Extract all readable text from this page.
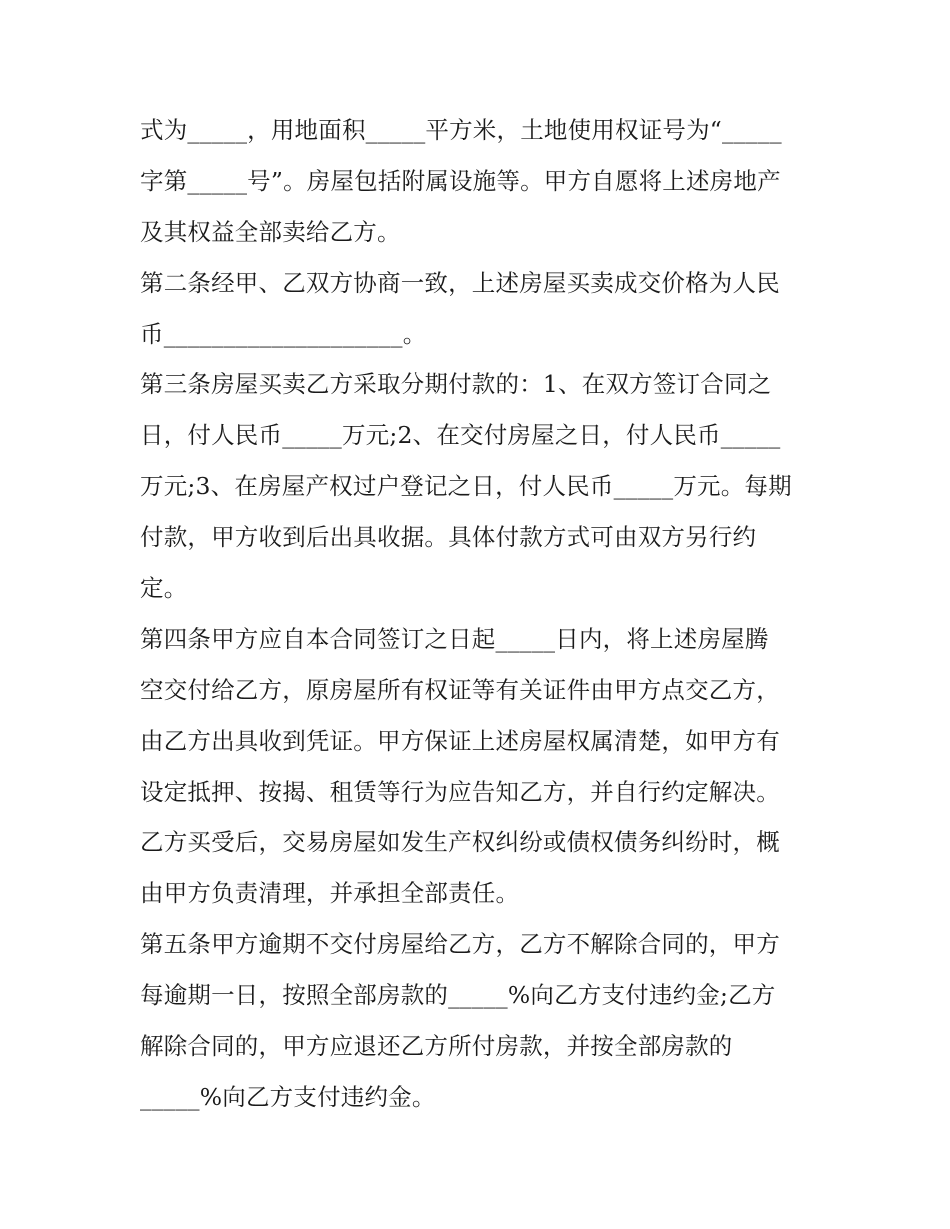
式为_____，用地面积_____平方米，土地使用权证号为“_____
字第_____号”。房屋包括附属设施等。甲方自愿将上述房地产
及其权益全部卖给乙方。
第二条经甲、乙双方协商一致，上述房屋买卖成交价格为人民
币____________________。
第三条房屋买卖乙方采取分期付款的：1、在双方签订合同之
日，付人民币_____万元;2、在交付房屋之日，付人民币_____
万元;3、在房屋产权过户登记之日，付人民币_____万元。每期
付款，甲方收到后出具收据。具体付款方式可由双方另行约
定。
第四条甲方应自本合同签订之日起_____日内，将上述房屋腾
空交付给乙方，原房屋所有权证等有关证件由甲方点交乙方，
由乙方出具收到凭证。甲方保证上述房屋权属清楚，如甲方有
设定抵押、按揭、租赁等行为应告知乙方，并自行约定解决。
乙方买受后，交易房屋如发生产权纠纷或债权债务纠纷时，概
由甲方负责清理，并承担全部责任。
第五条甲方逾期不交付房屋给乙方，乙方不解除合同的，甲方
每逾期一日，按照全部房款的_____%向乙方支付违约金;乙方
解除合同的，甲方应退还乙方所付房款，并按全部房款的
_____%向乙方支付违约金。
